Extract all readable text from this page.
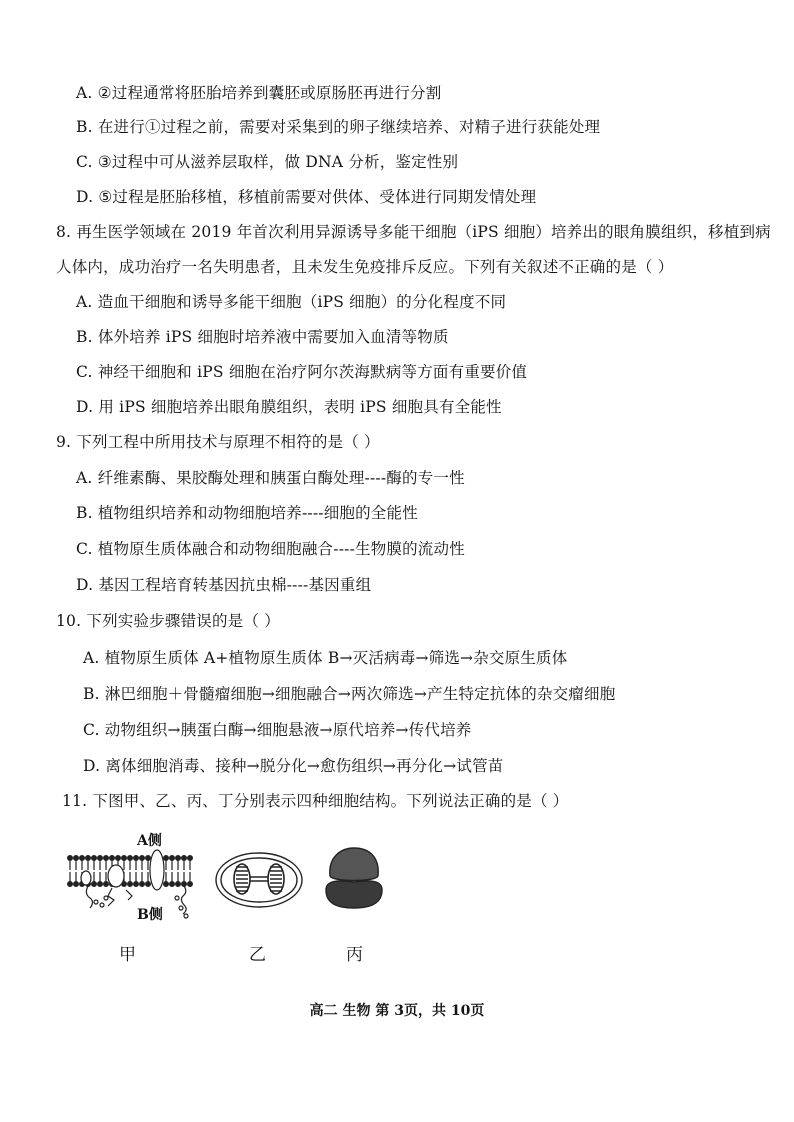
A. ②过程通常将胚胎培养到囊胚或原肠胚再进行分割
B. 在进行①过程之前，需要对采集到的卵子继续培养、对精子进行获能处理
C. ③过程中可从滋养层取样，做 DNA 分析，鉴定性别
D. ⑤过程是胚胎移植，移植前需要对供体、受体进行同期发情处理
8. 再生医学领域在 2019 年首次利用异源诱导多能干细胞（iPS 细胞）培养出的眼角膜组织，移植到病
人体内，成功治疗一名失明患者，且未发生免疫排斥反应。下列有关叙述不正确的是（ ）
A. 造血干细胞和诱导多能干细胞（iPS 细胞）的分化程度不同
B. 体外培养 iPS 细胞时培养液中需要加入血清等物质
C. 神经干细胞和 iPS 细胞在治疗阿尔茨海默病等方面有重要价值
D. 用 iPS 细胞培养出眼角膜组织，表明 iPS 细胞具有全能性
9. 下列工程中所用技术与原理不相符的是（ ）
A. 纤维素酶、果胶酶处理和胰蛋白酶处理----酶的专一性
B. 植物组织培养和动物细胞培养----细胞的全能性
C. 植物原生质体融合和动物细胞融合----生物膜的流动性
D. 基因工程培育转基因抗虫棉----基因重组
10. 下列实验步骤错误的是（ ）
A. 植物原生质体 A+植物原生质体 B→灭活病毒→筛选→杂交原生质体
B. 淋巴细胞＋骨髓瘤细胞→细胞融合→两次筛选→产生特定抗体的杂交瘤细胞
C. 动物组织→胰蛋白酶→细胞悬液→原代培养→传代培养
D. 离体细胞消毒、接种→脱分化→愈伤组织→再分化→试管苗
11. 下图甲、乙、丙、丁分别表示四种细胞结构。下列说法正确的是（ ）
A侧
B侧
甲	乙	丙
高二 生物 第 3页，共 10页
